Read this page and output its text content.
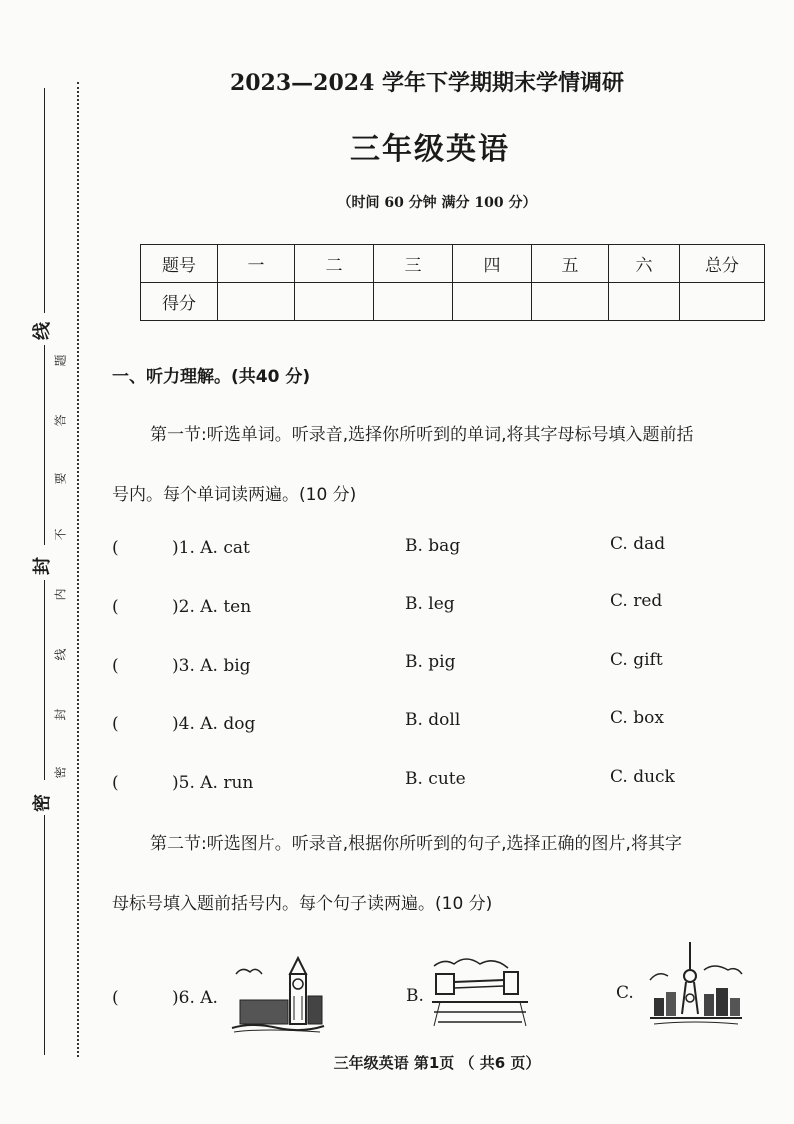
线
封
密
题
答
要
不
内
线
封
密
2023—2024 学年下学期期末学情调研
三年级英语
（时间 60 分钟 满分 100 分）
题号	一	二	三	四	五	六	总分
得分							
一、听力理解。(共40 分)
第一节:听选单词。听录音,选择你所听到的单词,将其字母标号填入题前括
号内。每个单词读两遍。(10 分)
(	)1. A. cat	B. bag	C. dad
(	)2. A. ten	B. leg	C. red
(	)3. A. big	B. pig	C. gift
(	)4. A. dog	B. doll	C. box
(	)5. A. run	B. cute	C. duck
第二节:听选图片。听录音,根据你所听到的句子,选择正确的图片,将其字
母标号填入题前括号内。每个句子读两遍。(10 分)
(	)6. A.	B.	C.
三年级英语 第1页 （ 共6 页）
